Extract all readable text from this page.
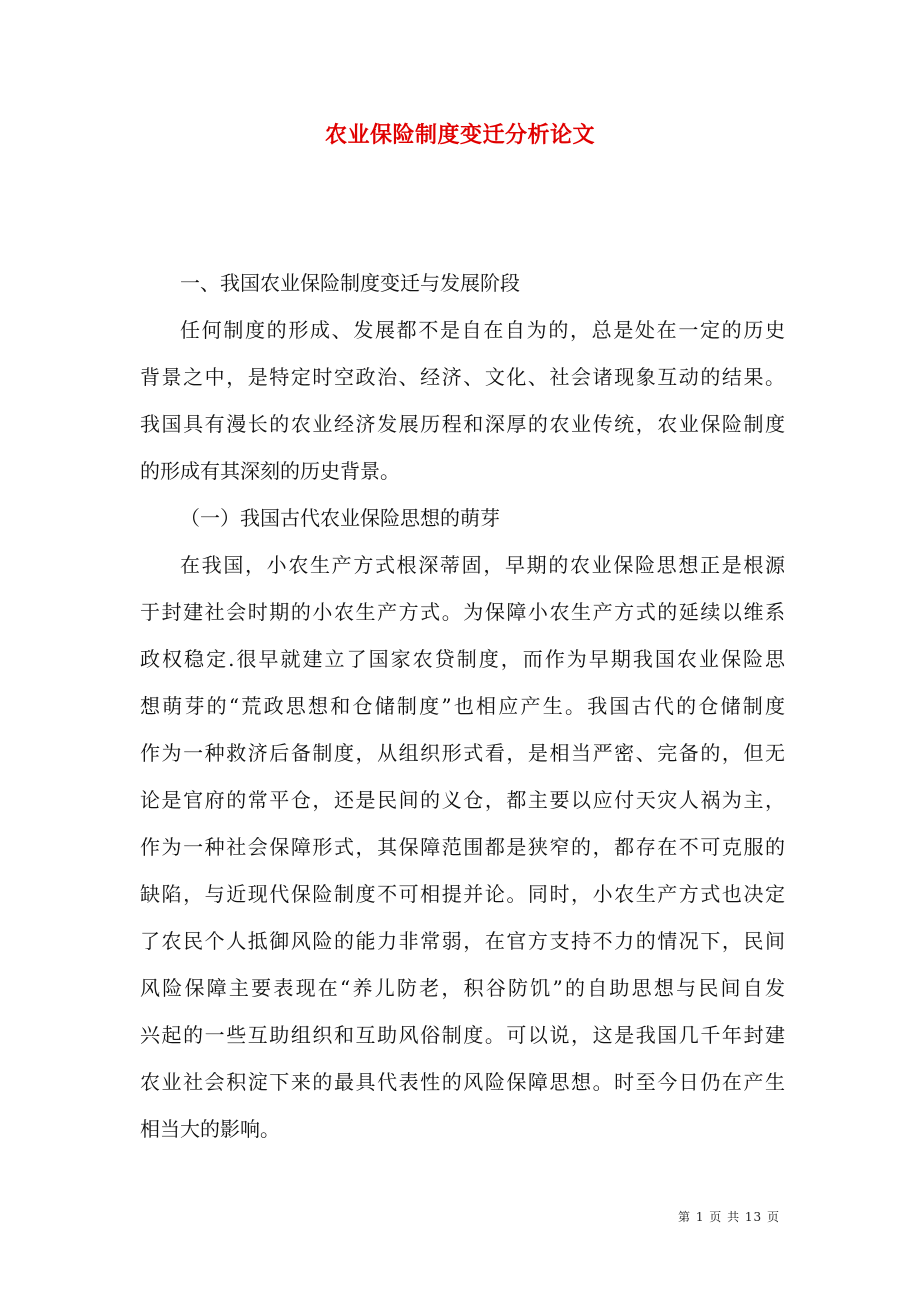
农业保险制度变迁分析论文
一、我国农业保险制度变迁与发展阶段
任何制度的形成、发展都不是自在自为的，总是处在一定的历史
背景之中，是特定时空政治、经济、文化、社会诸现象互动的结果。
我国具有漫长的农业经济发展历程和深厚的农业传统，农业保险制度
的形成有其深刻的历史背景。
（一）我国古代农业保险思想的萌芽
在我国，小农生产方式根深蒂固，早期的农业保险思想正是根源
于封建社会时期的小农生产方式。为保障小农生产方式的延续以维系
政权稳定.很早就建立了国家农贷制度，而作为早期我国农业保险思
想萌芽的“荒政思想和仓储制度”也相应产生。我国古代的仓储制度
作为一种救济后备制度，从组织形式看，是相当严密、完备的，但无
论是官府的常平仓，还是民间的义仓，都主要以应付天灾人祸为主，
作为一种社会保障形式，其保障范围都是狭窄的，都存在不可克服的
缺陷，与近现代保险制度不可相提并论。同时，小农生产方式也决定
了农民个人抵御风险的能力非常弱，在官方支持不力的情况下，民间
风险保障主要表现在“养儿防老，积谷防饥”的自助思想与民间自发
兴起的一些互助组织和互助风俗制度。可以说，这是我国几千年封建
农业社会积淀下来的最具代表性的风险保障思想。时至今日仍在产生
相当大的影响。
第 1 页 共 13 页
